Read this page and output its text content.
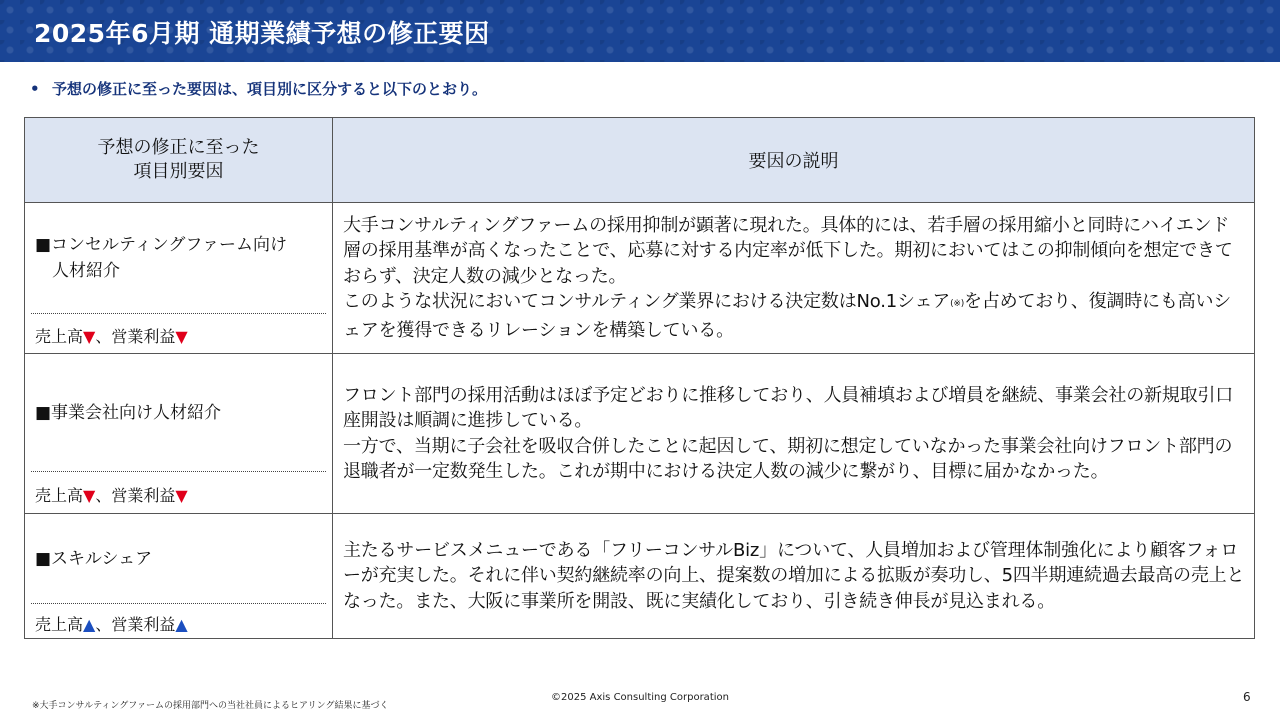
2025年6月期 通期業績予想の修正要因
• 予想の修正に至った要因は、項目別に区分すると以下のとおり。
予想の修正に至った
項目別要因	要因の説明
■コンセルティングファーム向け
　人材紹介
売上高▼、営業利益▼

大手コンサルティングファームの採用抑制が顕著に現れた。具体的には、若手層の採用縮小と同時にハイエンド層の採用基準が高くなったことで、応募に対する内定率が低下した。期初においてはこの抑制傾向を想定できておらず、決定人数の減少となった。

このような状況においてコンサルティング業界における決定数はNo.1シェア(※)を占めており、復調時にも高いシェアを獲得できるリレーションを構築している。

■事業会社向け人材紹介
売上高▼、営業利益▼

フロント部門の採用活動はほぼ予定どおりに推移しており、人員補填および増員を継続、事業会社の新規取引口座開設は順調に進捗している。

一方で、当期に子会社を吸収合併したことに起因して、期初に想定していなかった事業会社向けフロント部門の退職者が一定数発生した。これが期中における決定人数の減少に繋がり、目標に届かなかった。

■スキルシェア
売上高▲、営業利益▲

主たるサービスメニューである「フリーコンサルBiz」について、人員増加および管理体制強化により顧客フォローが充実した。それに伴い契約継続率の向上、提案数の増加による拡販が奏功し、5四半期連続過去最高の売上となった。また、大阪に事業所を開設、既に実績化しており、引き続き伸長が見込まれる。

※大手コンサルティングファームの採用部門への当社社員によるヒアリング結果に基づく
©2025 Axis Consulting Corporation	6
